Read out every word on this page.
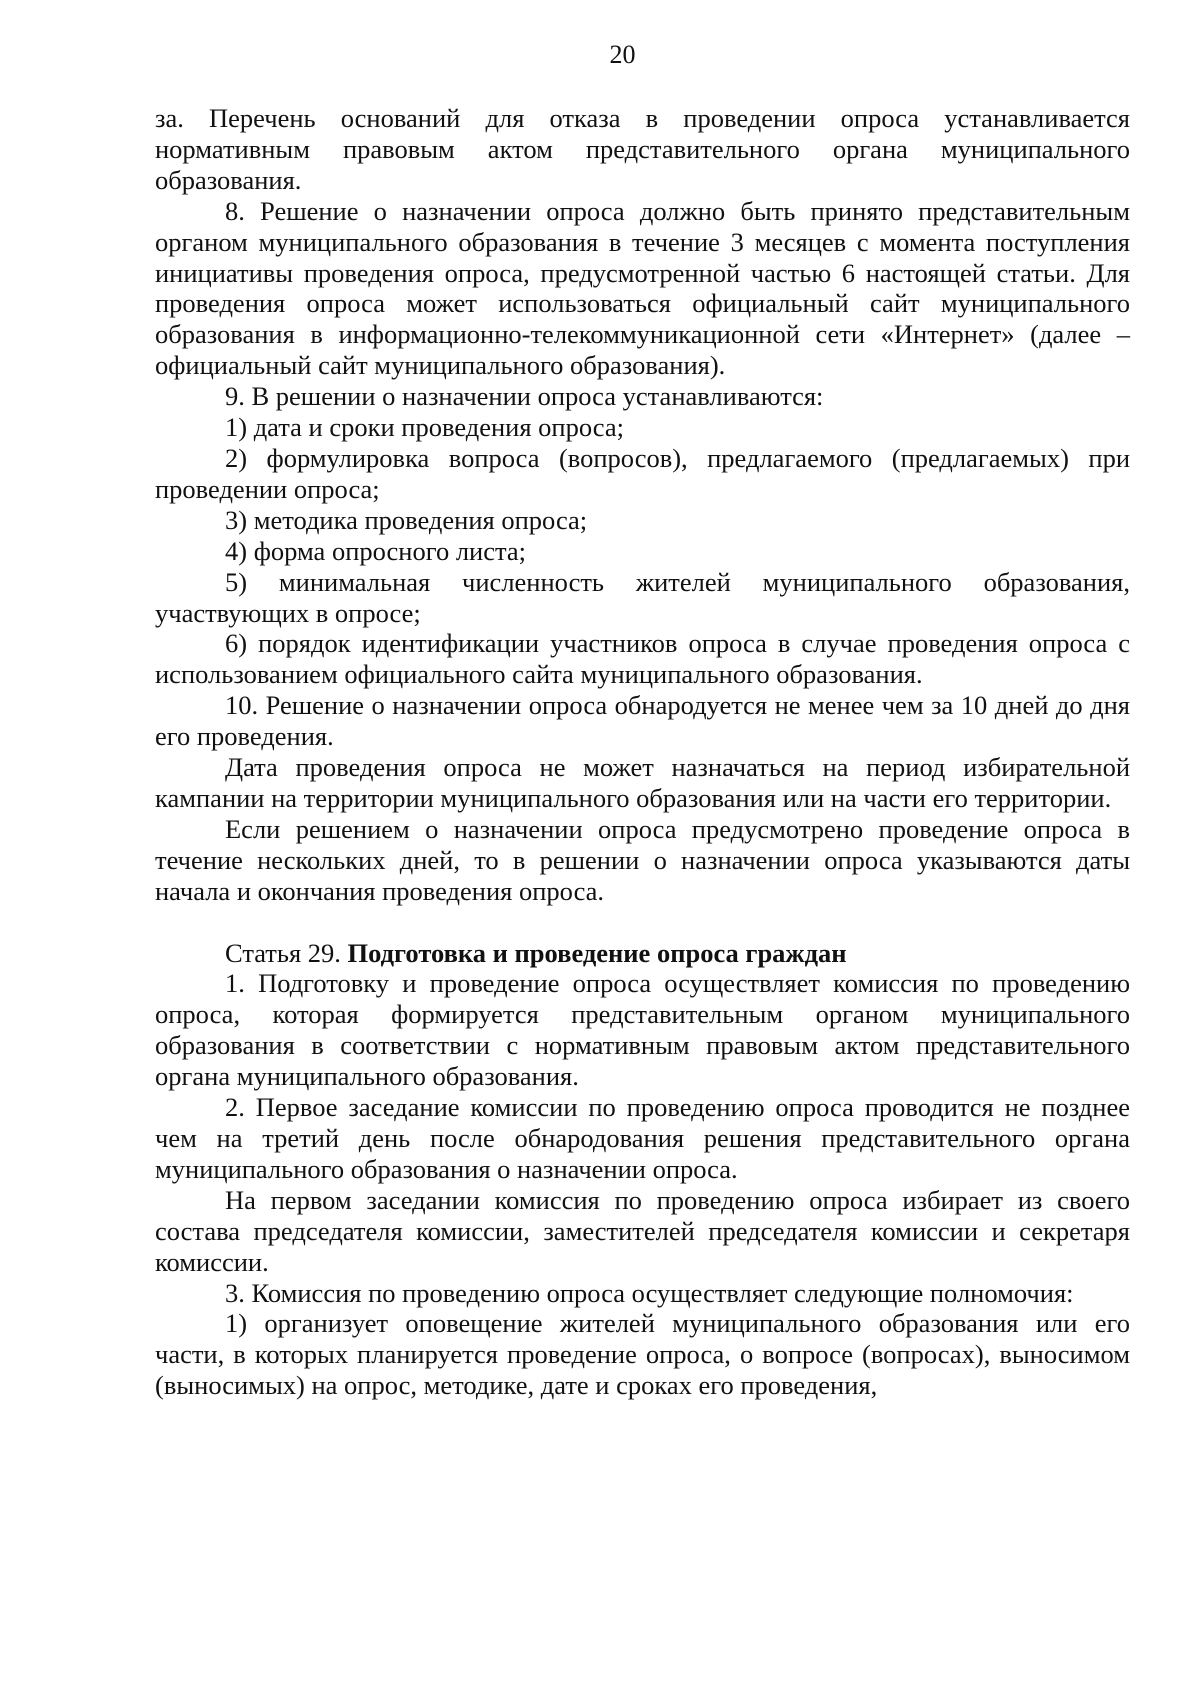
20

за. Перечень оснований для отказа в проведении опроса устанавливается нормативным правовым актом представительного органа муниципального образования.

8. Решение о назначении опроса должно быть принято представительным органом муниципального образования в течение 3 месяцев с момента поступления инициативы проведения опроса, предусмотренной частью 6 настоящей статьи. Для проведения опроса может использоваться официальный сайт муниципального образования в информационно-телекоммуникационной сети «Интернет» (далее – официальный сайт муниципального образования).

9. В решении о назначении опроса устанавливаются:

1) дата и сроки проведения опроса;

2) формулировка вопроса (вопросов), предлагаемого (предлагаемых) при проведении опроса;

3) методика проведения опроса;

4) форма опросного листа;

5) минимальная численность жителей муниципального образования, участвующих в опросе;

6) порядок идентификации участников опроса в случае проведения опроса с использованием официального сайта муниципального образования.

10. Решение о назначении опроса обнародуется не менее чем за 10 дней до дня его проведения.

Дата проведения опроса не может назначаться на период избирательной кампании на территории муниципального образования или на части его территории.

Если решением о назначении опроса предусмотрено проведение опроса в течение нескольких дней, то в решении о назначении опроса указываются даты начала и окончания проведения опроса.

Статья 29. Подготовка и проведение опроса граждан

1. Подготовку и проведение опроса осуществляет комиссия по проведению опроса, которая формируется представительным органом муниципального образования в соответствии с нормативным правовым актом представительного органа муниципального образования.

2. Первое заседание комиссии по проведению опроса проводится не позднее чем на третий день после обнародования решения представительного органа муниципального образования о назначении опроса.

На первом заседании комиссия по проведению опроса избирает из своего состава председателя комиссии, заместителей председателя комиссии и секретаря комиссии.

3. Комиссия по проведению опроса осуществляет следующие полномочия:

1) организует оповещение жителей муниципального образования или его части, в которых планируется проведение опроса, о вопросе (вопросах), выносимом (выносимых) на опрос, методике, дате и сроках его проведения,
